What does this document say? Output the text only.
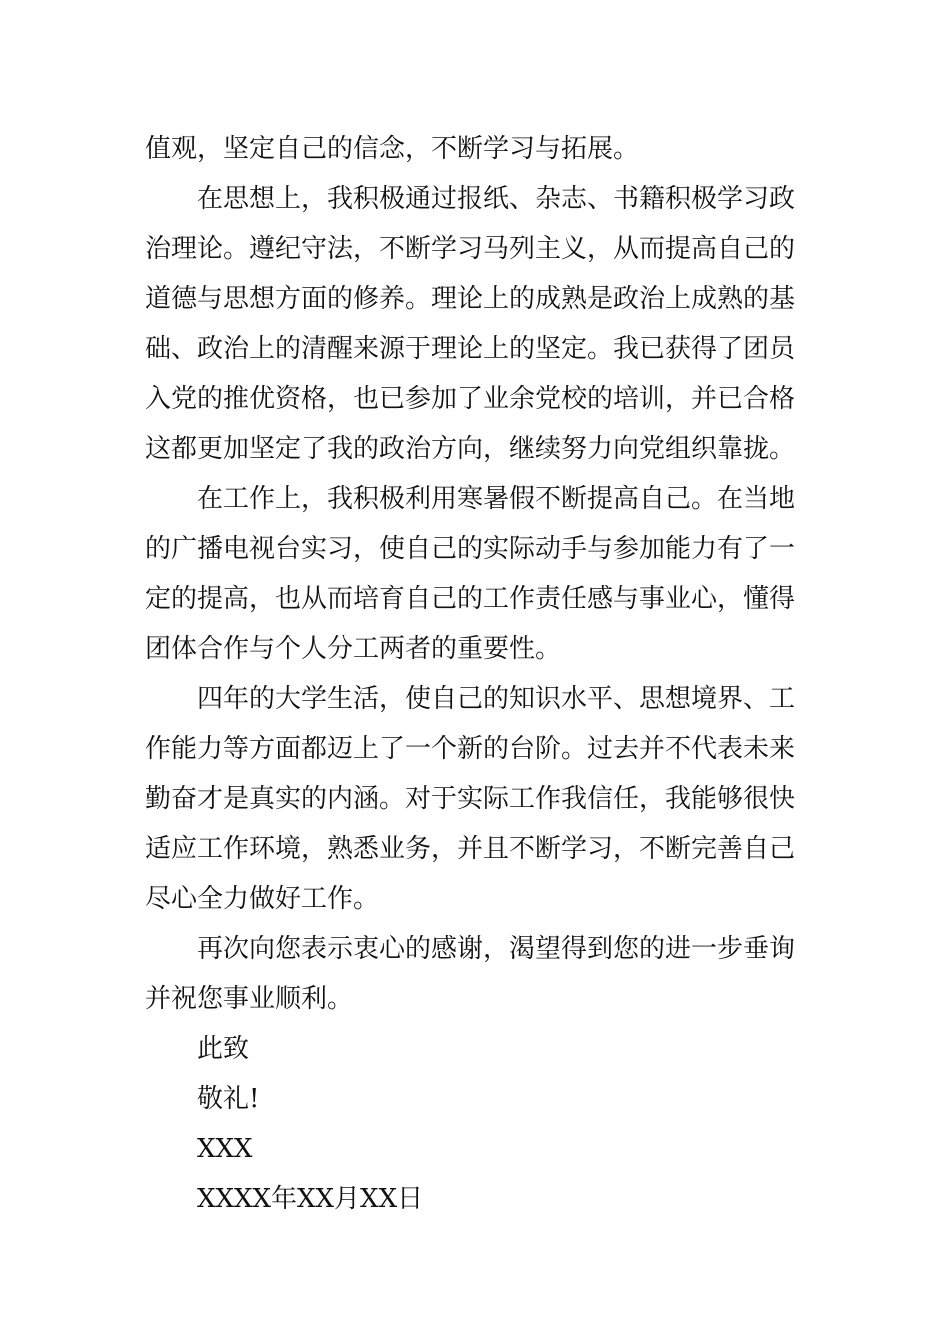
值观，坚定自己的信念，不断学习与拓展。
在思想上，我积极通过报纸、杂志、书籍积极学习政
治理论。遵纪守法，不断学习马列主义，从而提高自己的
道德与思想方面的修养。理论上的成熟是政治上成熟的基
础、政治上的清醒来源于理论上的坚定。我已获得了团员
入党的推优资格，也已参加了业余党校的培训，并已合格
这都更加坚定了我的政治方向，继续努力向党组织靠拢。
在工作上，我积极利用寒暑假不断提高自己。在当地
的广播电视台实习，使自己的实际动手与参加能力有了一
定的提高，也从而培育自己的工作责任感与事业心，懂得
团体合作与个人分工两者的重要性。
四年的大学生活，使自己的知识水平、思想境界、工
作能力等方面都迈上了一个新的台阶。过去并不代表未来
勤奋才是真实的内涵。对于实际工作我信任，我能够很快
适应工作环境，熟悉业务，并且不断学习，不断完善自己
尽心全力做好工作。
再次向您表示衷心的感谢，渴望得到您的进一步垂询
并祝您事业顺利。
此致
敬礼!
XXX
XXXX年XX月XX日
